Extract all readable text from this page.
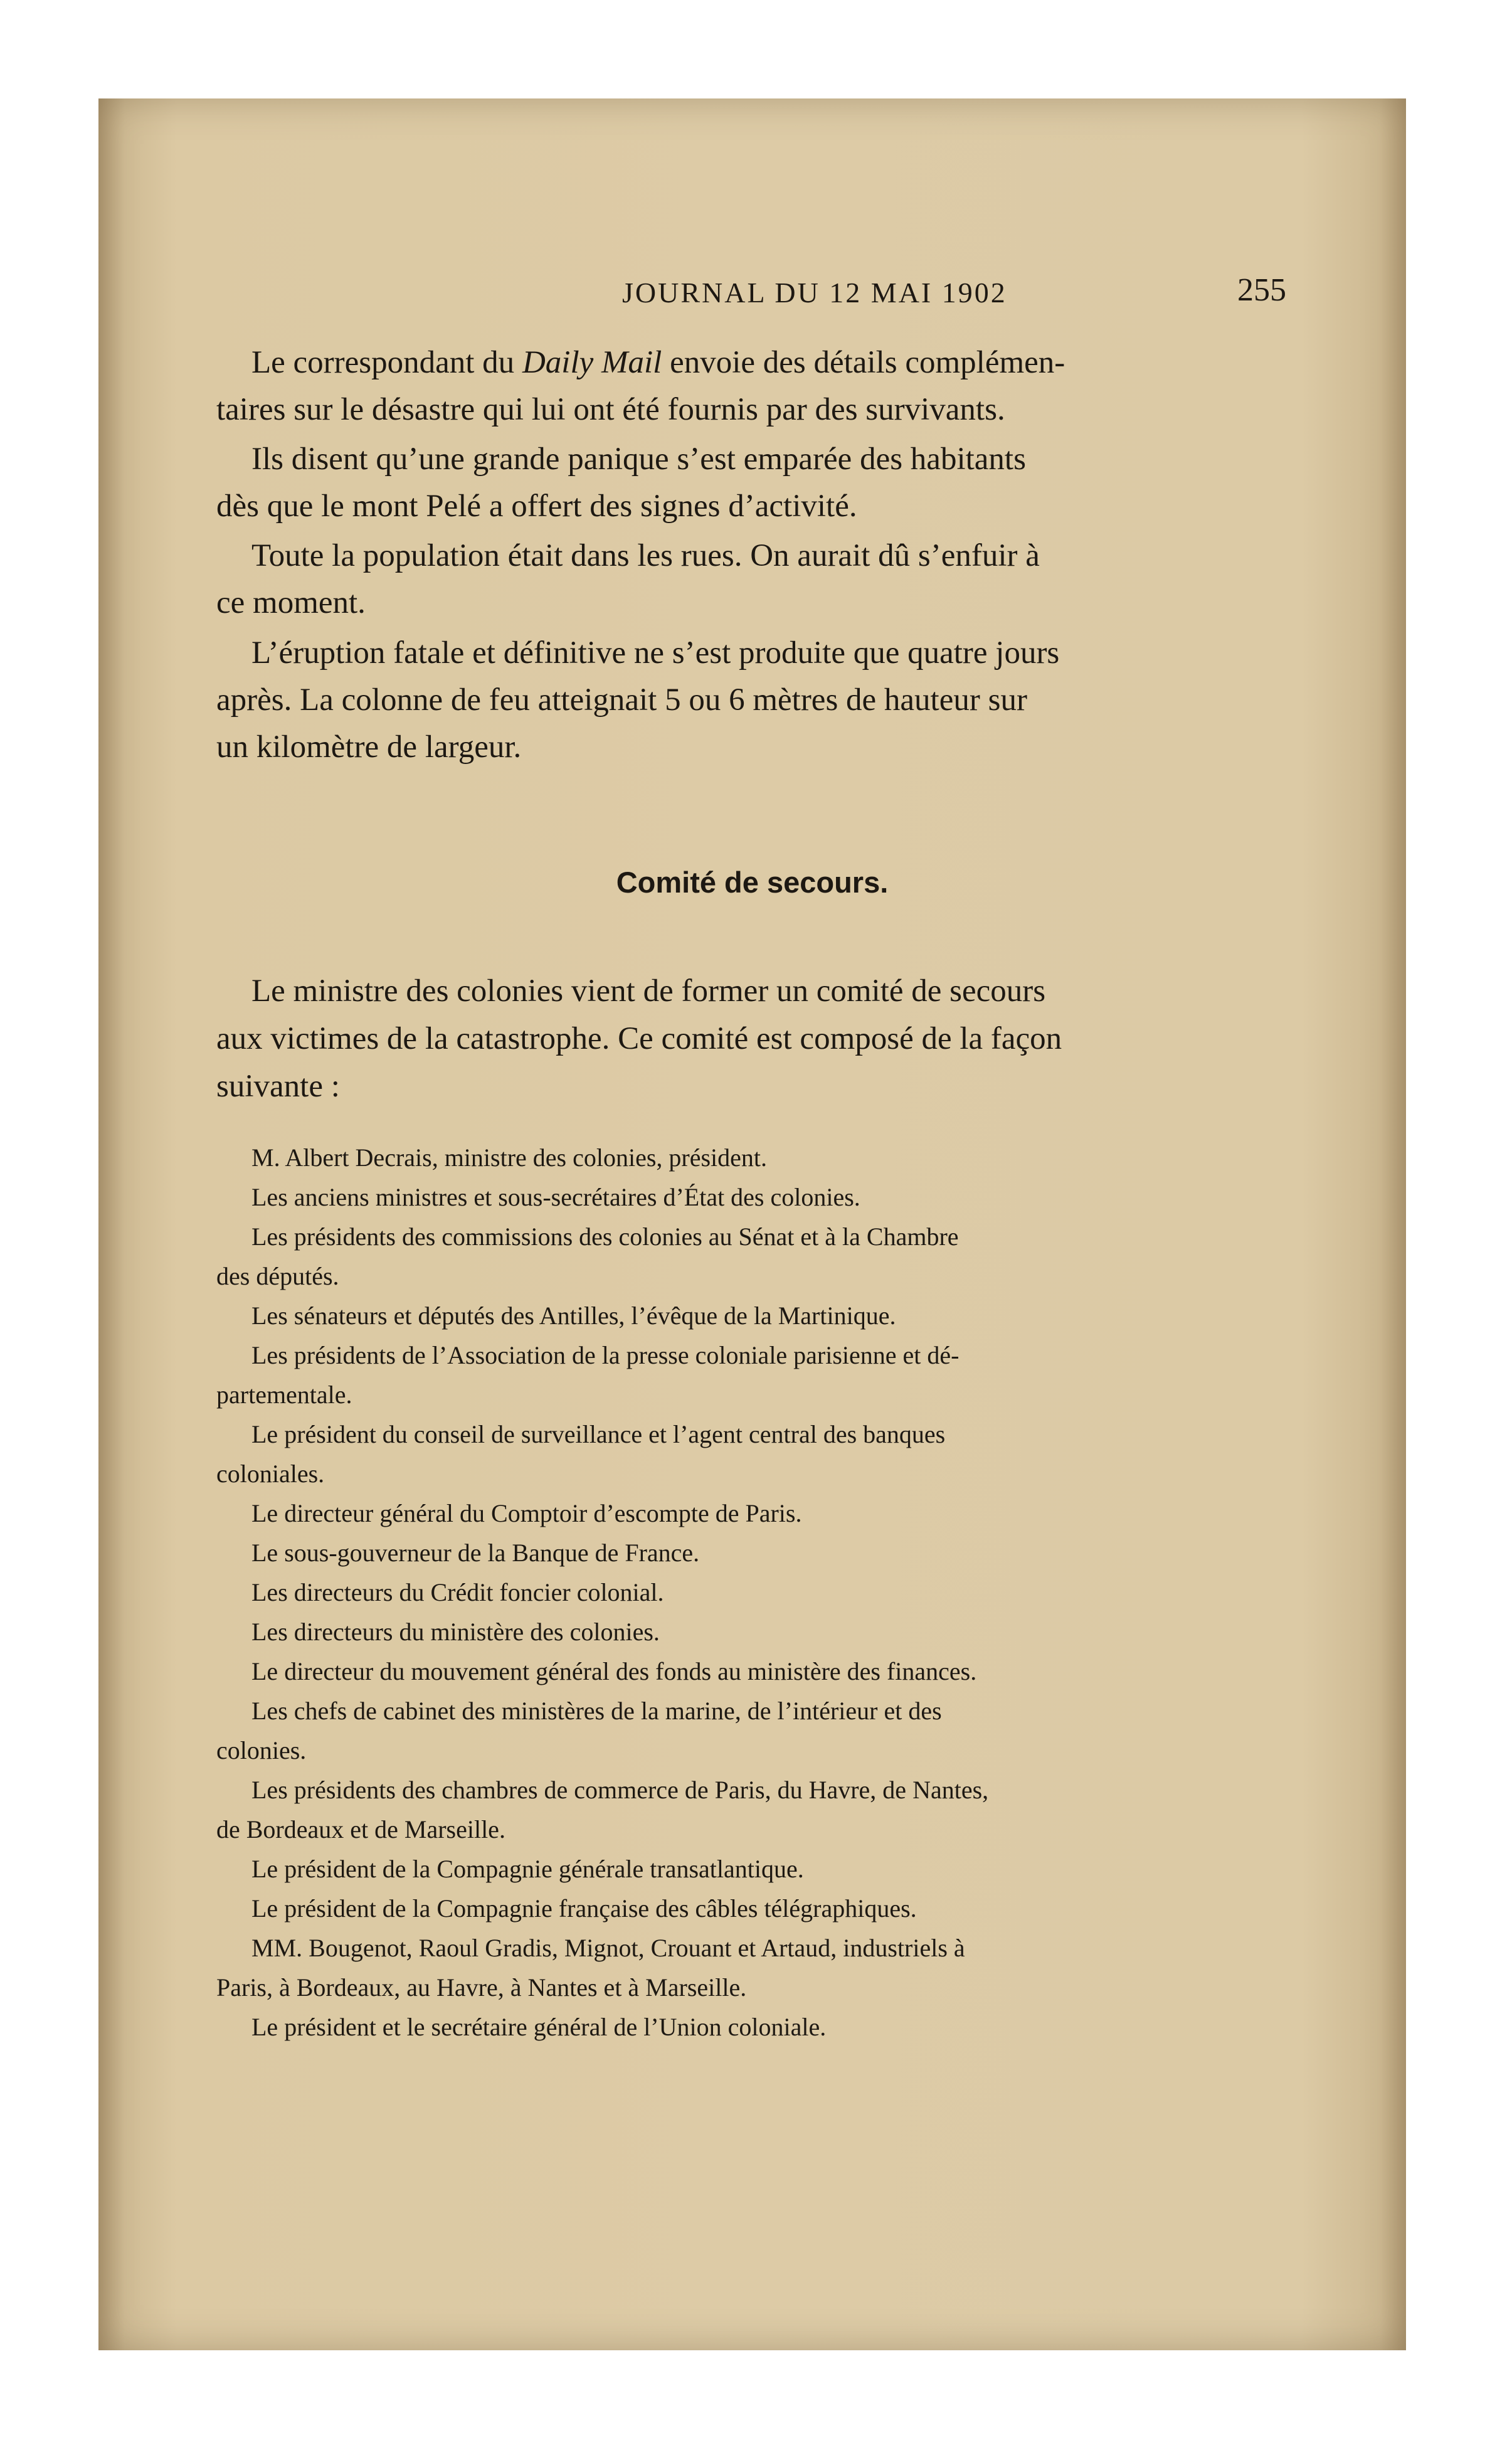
JOURNAL DU 12 MAI 1902	255
Le correspondant du Daily Mail envoie des détails complémen-
taires sur le désastre qui lui ont été fournis par des survivants.
Ils disent qu’une grande panique s’est emparée des habitants
dès que le mont Pelé a offert des signes d’activité.
Toute la population était dans les rues. On aurait dû s’enfuir à
ce moment.
L’éruption fatale et définitive ne s’est produite que quatre jours
après. La colonne de feu atteignait 5 ou 6 mètres de hauteur sur
un kilomètre de largeur.
Comité de secours.
Le ministre des colonies vient de former un comité de secours
aux victimes de la catastrophe. Ce comité est composé de la façon
suivante :
M. Albert Decrais, ministre des colonies, président.
Les anciens ministres et sous-secrétaires d’État des colonies.
Les présidents des commissions des colonies au Sénat et à la Chambre
des députés.
Les sénateurs et députés des Antilles, l’évêque de la Martinique.
Les présidents de l’Association de la presse coloniale parisienne et dé-
partementale.
Le président du conseil de surveillance et l’agent central des banques
coloniales.
Le directeur général du Comptoir d’escompte de Paris.
Le sous-gouverneur de la Banque de France.
Les directeurs du Crédit foncier colonial.
Les directeurs du ministère des colonies.
Le directeur du mouvement général des fonds au ministère des finances.
Les chefs de cabinet des ministères de la marine, de l’intérieur et des
colonies.
Les présidents des chambres de commerce de Paris, du Havre, de Nantes,
de Bordeaux et de Marseille.
Le président de la Compagnie générale transatlantique.
Le président de la Compagnie française des câbles télégraphiques.
MM. Bougenot, Raoul Gradis, Mignot, Crouant et Artaud, industriels à
Paris, à Bordeaux, au Havre, à Nantes et à Marseille.
Le président et le secrétaire général de l’Union coloniale.
